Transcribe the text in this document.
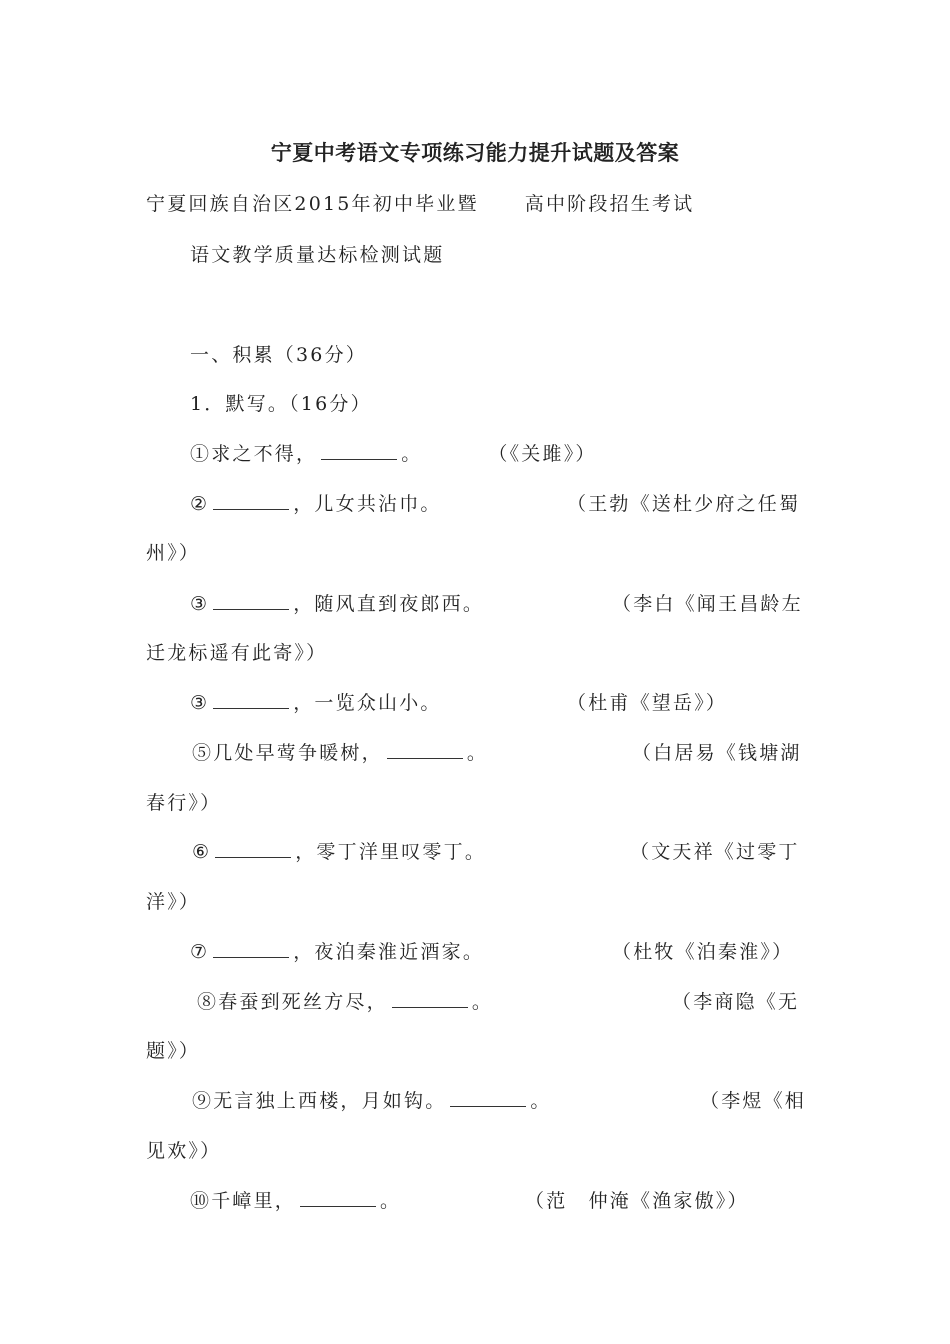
宁夏中考语文专项练习能力提升试题及答案
宁夏回族自治区2015年初中毕业暨 高中阶段招生考试
语文教学质量达标检测试题
一、积累（36分）
1．默写。（16分）
①求之不得，	。	（《关雎》）
②	，儿女共沾巾。	（王勃《送杜少府之任蜀
州》）
③	，随风直到夜郎西。	（李白《闻王昌龄左
迁龙标遥有此寄》）
③	，一览众山小。	（杜甫《望岳》）
⑤几处早莺争暖树，	。	（白居易《钱塘湖
春行》）
⑥	，零丁洋里叹零丁。	（文天祥《过零丁
洋》）
⑦	，夜泊秦淮近酒家。	（杜牧《泊秦淮》）
⑧春蚕到死丝方尽，	。	（李商隐《无
题》）
⑨无言独上西楼，月如钩。	。	（李煜《相
见欢》）
⑩千嶂里，	。	（范　仲淹《渔家傲》）
